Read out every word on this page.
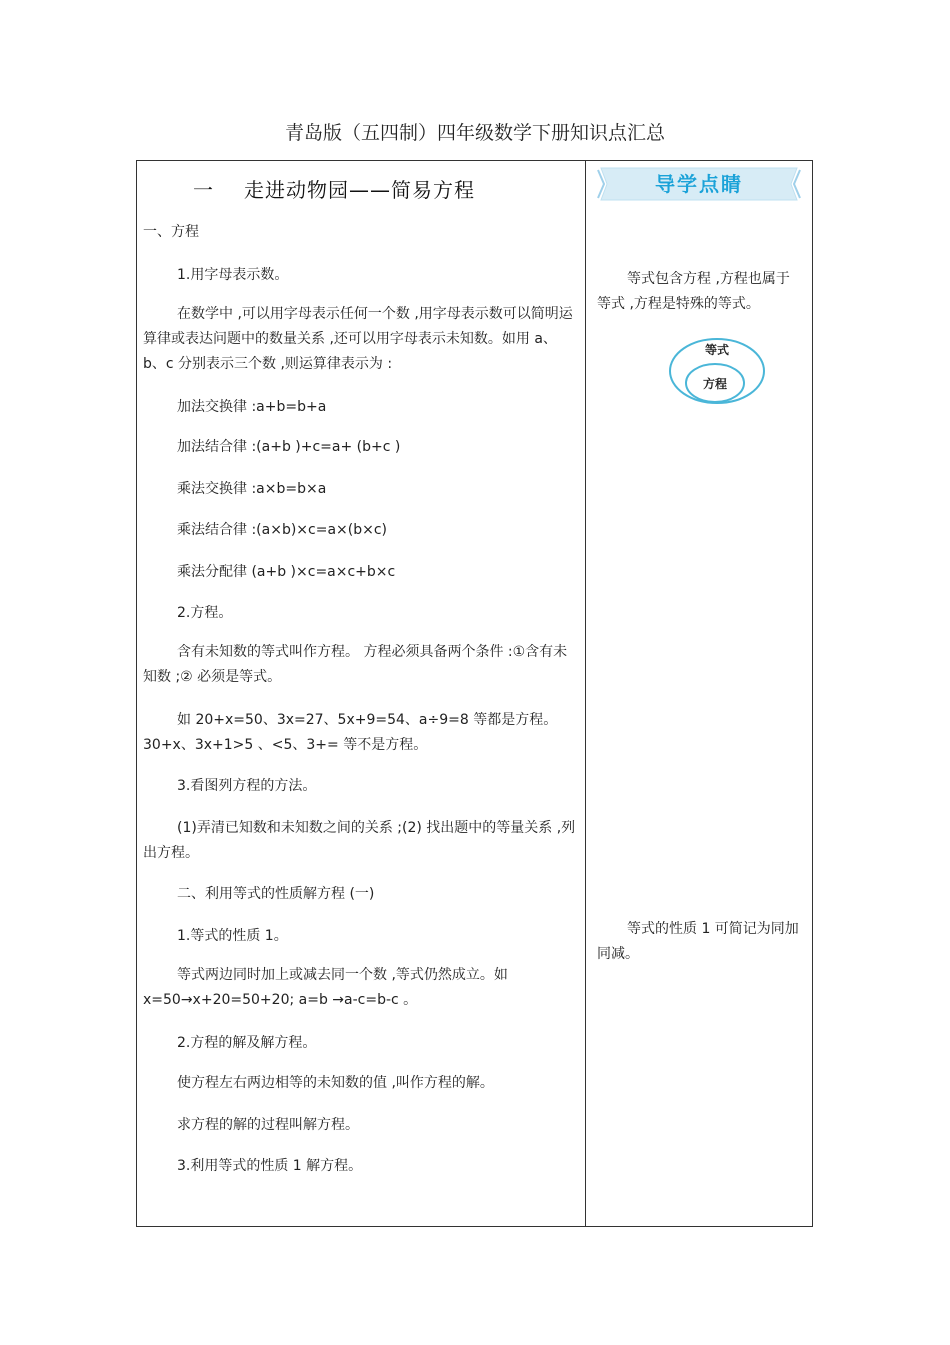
青岛版（五四制）四年级数学下册知识点汇总
一 走进动物园——简易方程
一、方程
1.用字母表示数。
在数学中 ,可以用字母表示任何一个数 ,用字母表示数可以简明运算律或表达问题中的数量关系 ,还可以用字母表示未知数。如用 a、b、c 分别表示三个数 ,则运算律表示为 :
加法交换律 :a+b=b+a
加法结合律 :(a+b )+c=a+ (b+c )
乘法交换律 :a×b=b×a
乘法结合律 :(a×b)×c=a×(b×c)
乘法分配律 (a+b )×c=a×c+b×c
2.方程。
含有未知数的等式叫作方程。 方程必须具备两个条件 :①含有未知数 ;② 必须是等式。
如 20+x=50、3x=27、5x+9=54、a÷9=8 等都是方程。 30+x、3x+1>5 、<5、3+= 等不是方程。
3.看图列方程的方法。
(1)弄清已知数和未知数之间的关系 ;(2) 找出题中的等量关系 ,列出方程。
二、利用等式的性质解方程 (一)
1.等式的性质 1。
等式两边同时加上或减去同一个数 ,等式仍然成立。如 x=50→x+20=50+20; a=b →a-c=b-c 。
2.方程的解及解方程。
使方程左右两边相等的未知数的值 ,叫作方程的解。
求方程的解的过程叫解方程。
3.利用等式的性质 1 解方程。
导学点睛
等式包含方程 ,方程也属于等式 ,方程是特殊的等式。
等式
方程
等式的性质 1 可简记为同加同减。
